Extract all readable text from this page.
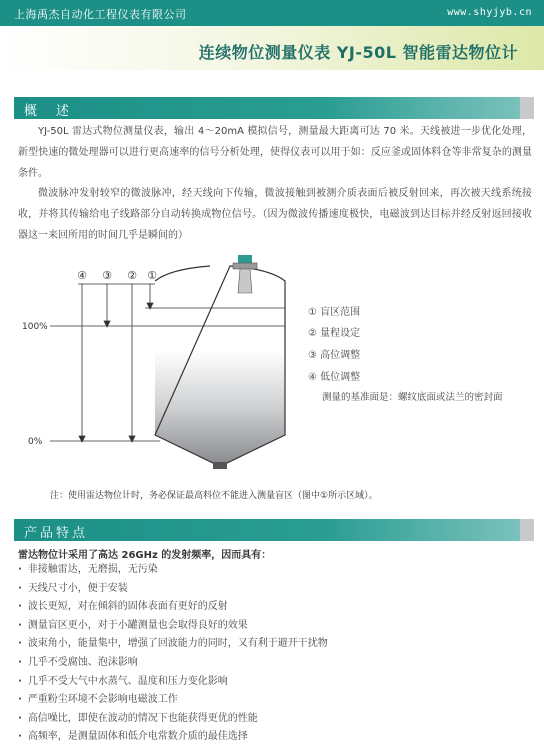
上海禹杰自动化工程仪表有限公司	www.shyjyb.cn
连续物位测量仪表 YJ-50L 智能雷达物位计
概　述

YJ-50L 雷达式物位测量仪表，输出 4～20mA 模拟信号，测量最大距离可达 70 米。天线被进一步优化处理，新型快速的微处理器可以进行更高速率的信号分析处理，使得仪表可以用于如：反应釜或固体料仓等非常复杂的测量条件。

微波脉冲发射较窄的微波脉冲，经天线向下传输，微波接触到被测介质表面后被反射回来，再次被天线系统接收，并将其传输给电子线路部分自动转换成物位信号。（因为微波传播速度极快，电磁波到达目标并经反射返回接收器这一来回所用的时间几乎是瞬间的）

④ ③ ② ①
100%
0%
① 盲区范围
② 量程设定
③ 高位调整
④ 低位调整
测量的基准面是：螺纹底面或法兰的密封面
注：使用雷达物位计时，务必保证最高料位不能进入测量盲区（图中①所示区域）。
产品特点
雷达物位计采用了高达 26GHz 的发射频率，因而具有：
· 非接触雷达，无磨损，无污染
· 天线尺寸小，便于安装
· 波长更短，对在倾斜的固体表面有更好的反射
· 测量盲区更小，对于小罐测量也会取得良好的效果
· 波束角小，能量集中，增强了回波能力的同时，又有利于避开干扰物
· 几乎不受腐蚀、泡沫影响
· 几乎不受大气中水蒸气、温度和压力变化影响
· 严重粉尘环境不会影响电磁波工作
· 高信噪比，即使在波动的情况下也能获得更优的性能
· 高频率，是测量固体和低介电常数介质的最佳选择
